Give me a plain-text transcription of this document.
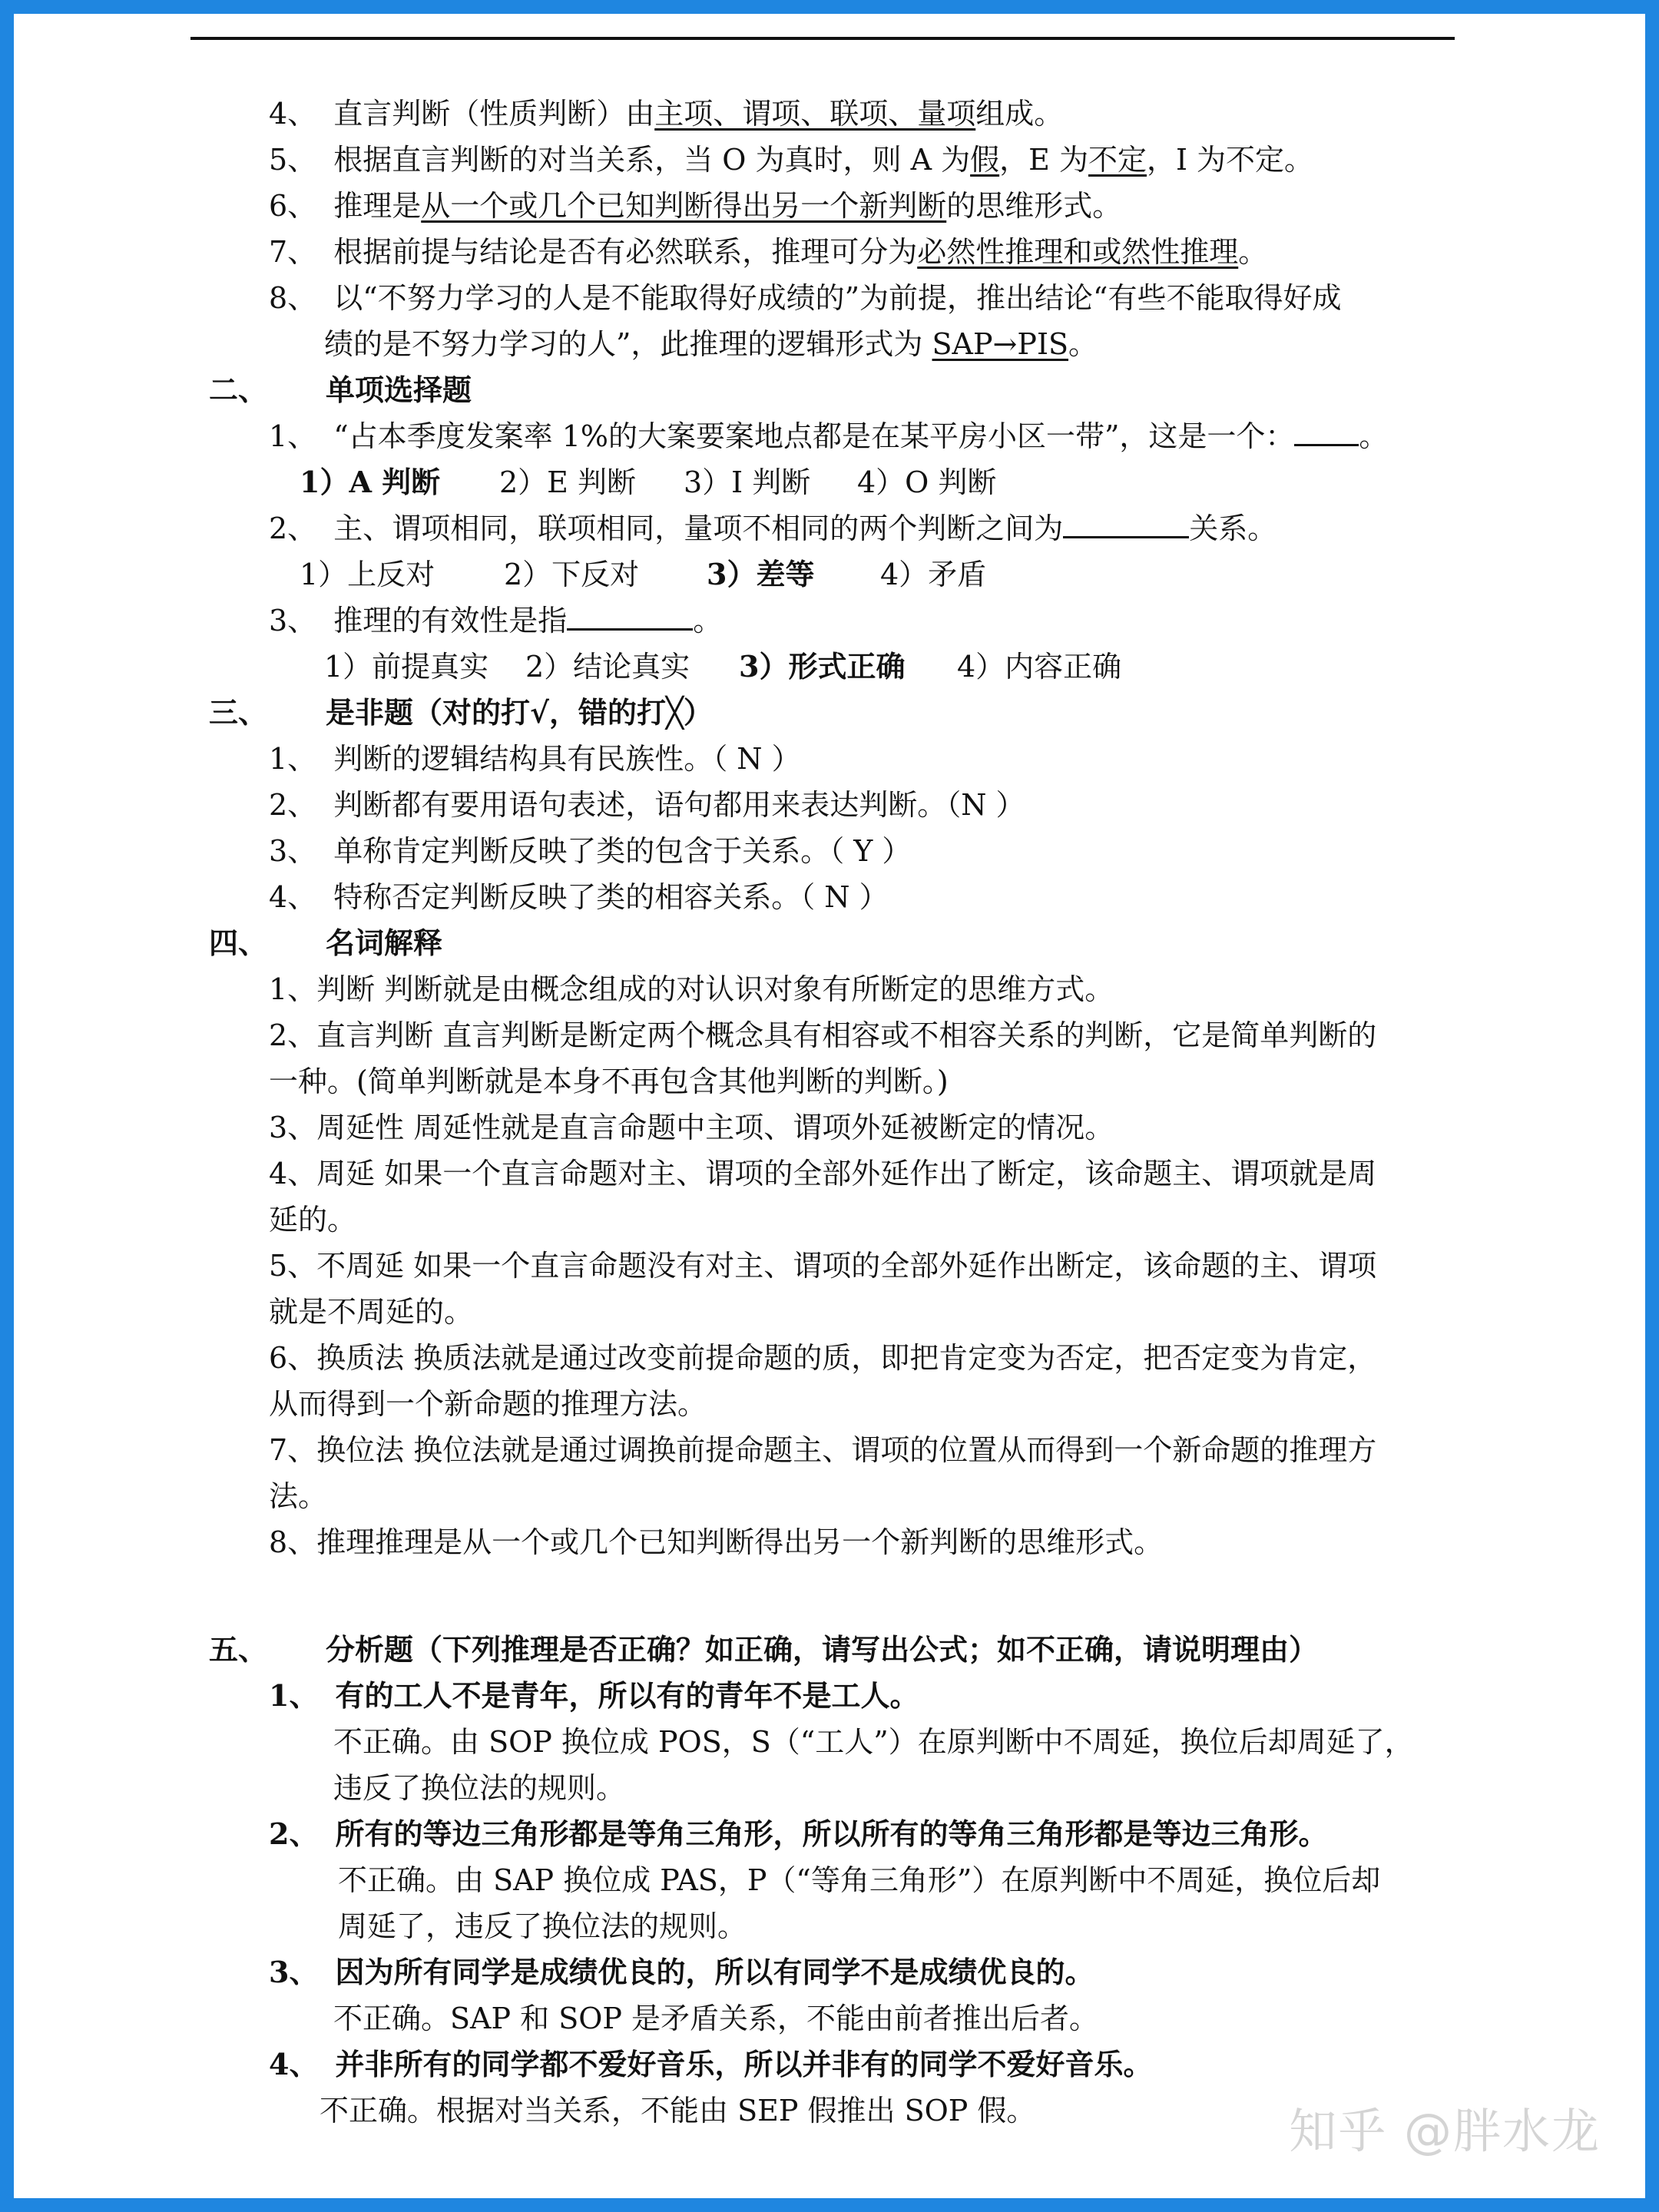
4、 直言判断（性质判断）由主项、谓项、联项、量项组成。
5、 根据直言判断的对当关系，当 O 为真时，则 A 为假，E 为不定，I 为不定。
6、 推理是从一个或几个已知判断得出另一个新判断的思维形式。
7、 根据前提与结论是否有必然联系，推理可分为必然性推理和或然性推理。
8、 以“不努力学习的人是不能取得好成绩的”为前提，推出结论“有些不能取得好成
绩的是不努力学习的人”，此推理的逻辑形式为 SAP→PIS。
二、 单项选择题
1、 “占本季度发案率 1%的大案要案地点都是在某平房小区一带”，这是一个： 。
1）A 判断 2）E 判断 3）I 判断 4）O 判断
2、 主、谓项相同，联项相同，量项不相同的两个判断之间为	关系。
1）上反对 2）下反对 3）差等 4）矛盾
3、 推理的有效性是指	。
1）前提真实 2）结论真实 3）形式正确 4）内容正确
三、 是非题（对的打√，错的打╳）
1、 判断的逻辑结构具有民族性。（ N ）
2、 判断都有要用语句表述，语句都用来表达判断。（N ）
3、 单称肯定判断反映了类的包含于关系。（ Y ）
4、 特称否定判断反映了类的相容关系。（ N ）
四、 名词解释
1、判断 判断就是由概念组成的对认识对象有所断定的思维方式。
2、直言判断 直言判断是断定两个概念具有相容或不相容关系的判断，它是简单判断的
一种。(简单判断就是本身不再包含其他判断的判断。)
3、周延性 周延性就是直言命题中主项、谓项外延被断定的情况。
4、周延 如果一个直言命题对主、谓项的全部外延作出了断定，该命题主、谓项就是周
延的。
5、不周延 如果一个直言命题没有对主、谓项的全部外延作出断定，该命题的主、谓项
就是不周延的。
6、换质法 换质法就是通过改变前提命题的质，即把肯定变为否定，把否定变为肯定，
从而得到一个新命题的推理方法。
7、换位法 换位法就是通过调换前提命题主、谓项的位置从而得到一个新命题的推理方
法。
8、推理推理是从一个或几个已知判断得出另一个新判断的思维形式。
五、 分析题（下列推理是否正确？如正确，请写出公式；如不正确，请说明理由）
1、 有的工人不是青年，所以有的青年不是工人。
不正确。由 SOP 换位成 POS，S（“工人”）在原判断中不周延，换位后却周延了，
违反了换位法的规则。
2、 所有的等边三角形都是等角三角形，所以所有的等角三角形都是等边三角形。
不正确。由 SAP 换位成 PAS，P（“等角三角形”）在原判断中不周延，换位后却
周延了，违反了换位法的规则。
3、 因为所有同学是成绩优良的，所以有同学不是成绩优良的。
不正确。SAP 和 SOP 是矛盾关系，不能由前者推出后者。
4、 并非所有的同学都不爱好音乐，所以并非有的同学不爱好音乐。
不正确。根据对当关系，不能由 SEP 假推出 SOP 假。	知乎 @胖水龙
